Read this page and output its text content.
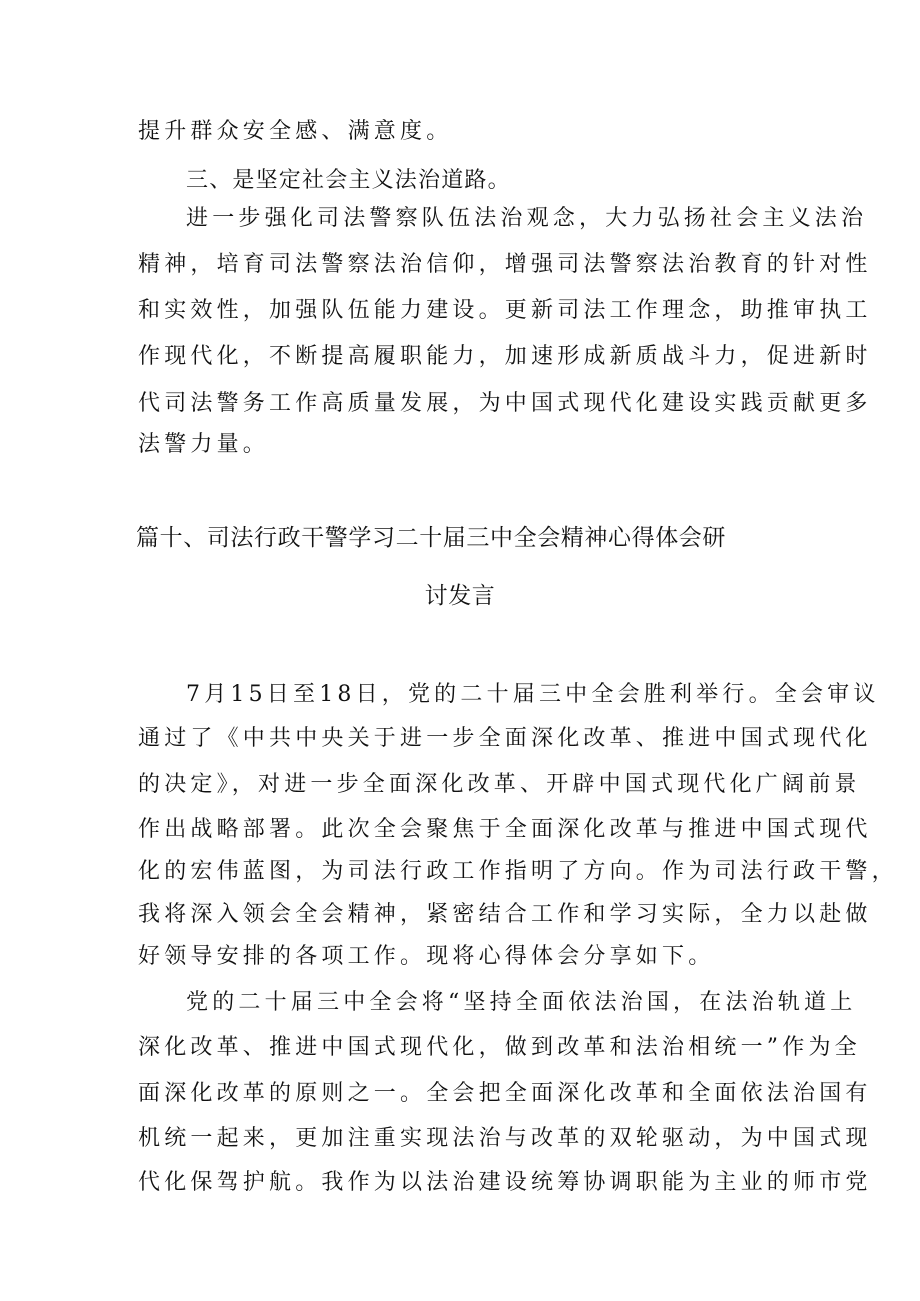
提升群众安全感、满意度。
三、是坚定社会主义法治道路。
进一步强化司法警察队伍法治观念，大力弘扬社会主义法治
精神，培育司法警察法治信仰，增强司法警察法治教育的针对性
和实效性，加强队伍能力建设。更新司法工作理念，助推审执工
作现代化，不断提高履职能力，加速形成新质战斗力，促进新时
代司法警务工作高质量发展，为中国式现代化建设实践贡献更多
法警力量。
篇十、司法行政干警学习二十届三中全会精神心得体会研
讨发言
7月15日至18日，党的二十届三中全会胜利举行。全会审议
通过了《中共中央关于进一步全面深化改革、推进中国式现代化
的决定》，对进一步全面深化改革、开辟中国式现代化广阔前景
作出战略部署。此次全会聚焦于全面深化改革与推进中国式现代
化的宏伟蓝图，为司法行政工作指明了方向。作为司法行政干警，
我将深入领会全会精神，紧密结合工作和学习实际，全力以赴做
好领导安排的各项工作。现将心得体会分享如下。
党的二十届三中全会将“坚持全面依法治国，在法治轨道上
深化改革、推进中国式现代化，做到改革和法治相统一”作为全
面深化改革的原则之一。全会把全面深化改革和全面依法治国有
机统一起来，更加注重实现法治与改革的双轮驱动，为中国式现
代化保驾护航。我作为以法治建设统筹协调职能为主业的师市党
